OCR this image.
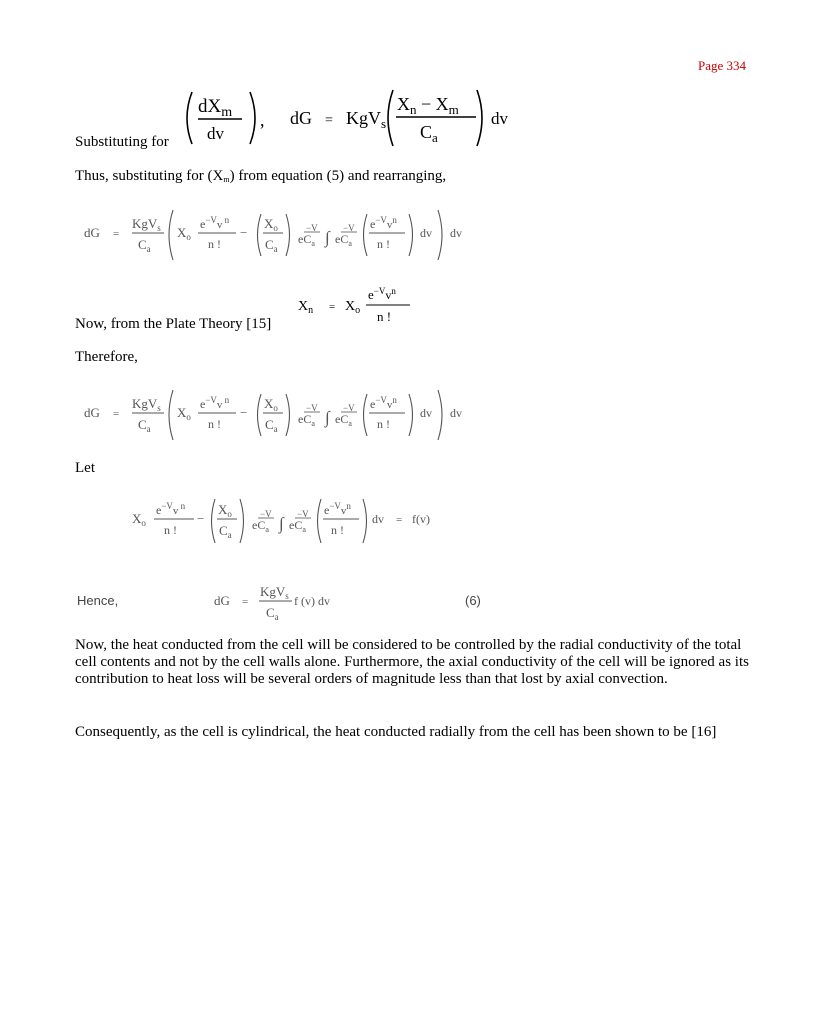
Page 334
$dX_m$
dv
, dG = KgV$_s$
$X_n - X_m$
$C_a$
dv

Substituting for

Thus, substituting for $(X_m)$ from equation (5) and rearranging,

dG =
KgV$_s$
$C_a$
$X_o$
$e^{-V}v$ $^n$
n !
−
$X_o$
$C_a$
−V
$eC_a$ ∫ −V
$eC_a$
$e^{-V}v^n$
n !
dv dv
$X_n = X_o$
$e^{-V}v^n$
n !

Now, from the Plate Theory [15]

Therefore,

dG =
KgV$_s$
$C_a$
$X_o$
$e^{-V}v$ $^n$
n !
−
$X_o$
$C_a$
−V
$eC_a$ ∫ −V
$eC_a$
$e^{-V}v^n$
n !
dv dv

Let

$X_o$
$e^{-V}v$ $^n$
n !
−
$X_o$
$C_a$
−V
$eC_a$ ∫ −V
$eC_a$
$e^{-V}v^n$
n !
dv = f(v)

Hence,	dG =
KgV$_s$
$C_a$
f (v) dv	(6)

Now, the heat conducted from the cell will be considered to be controlled by the radial conductivity of the total cell contents and not by the cell walls alone. Furthermore, the axial conductivity of the cell will be ignored as its contribution to heat loss will be several orders of magnitude less than that lost by axial convection.

Consequently, as the cell is cylindrical, the heat conducted radially from the cell has been shown to be [16]
